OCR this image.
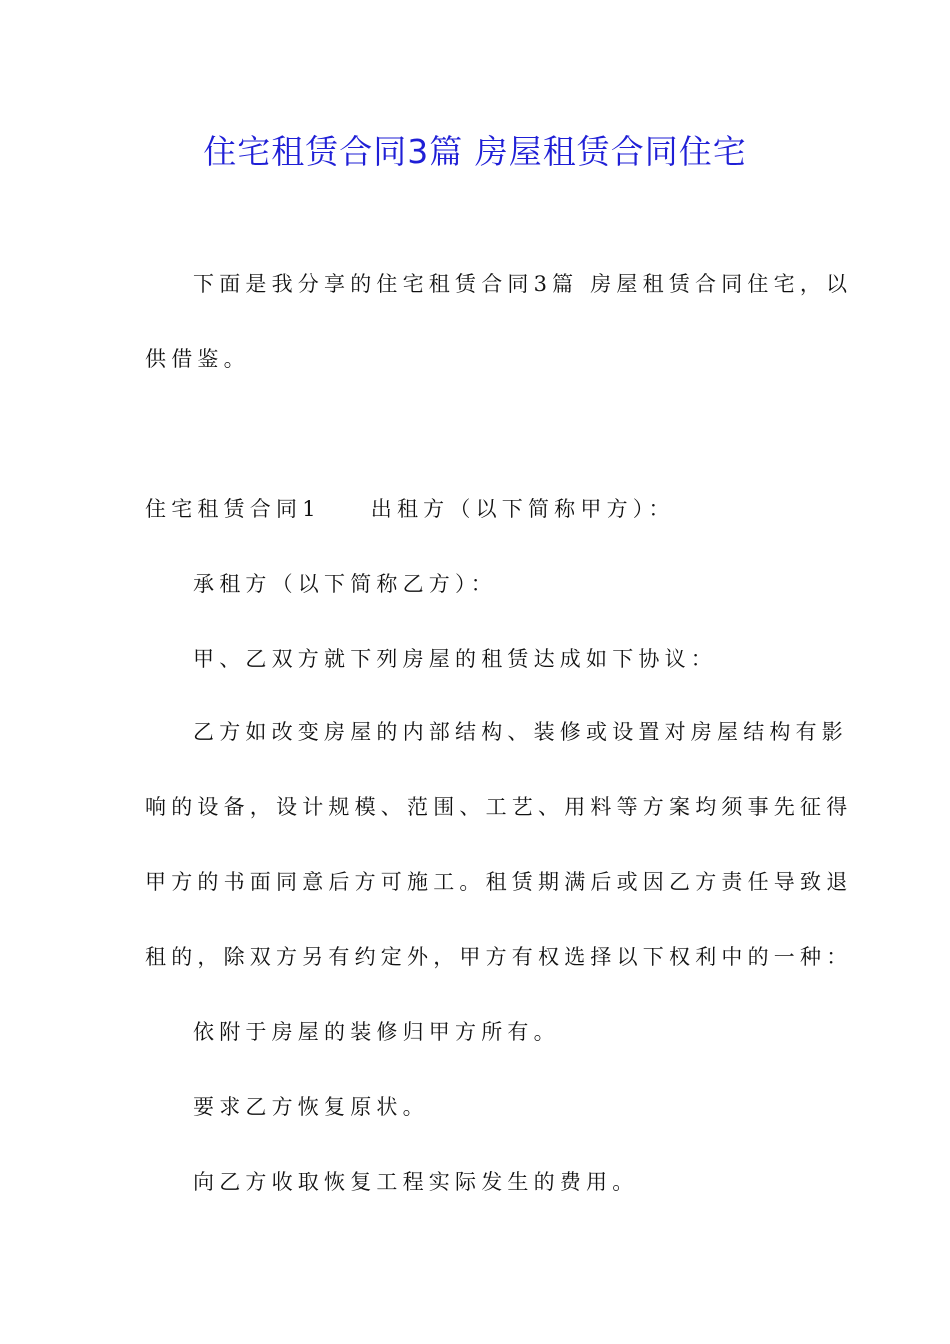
住宅租赁合同3篇 房屋租赁合同住宅
下面是我分享的住宅租赁合同3篇 房屋租赁合同住宅，以
供借鉴。
住宅租赁合同1 出租方（以下简称甲方）：
承租方（以下简称乙方）：
甲、乙双方就下列房屋的租赁达成如下协议：
乙方如改变房屋的内部结构、装修或设置对房屋结构有影
响的设备，设计规模、范围、工艺、用料等方案均须事先征得
甲方的书面同意后方可施工。租赁期满后或因乙方责任导致退
租的，除双方另有约定外，甲方有权选择以下权利中的一种：
依附于房屋的装修归甲方所有。
要求乙方恢复原状。
向乙方收取恢复工程实际发生的费用。
